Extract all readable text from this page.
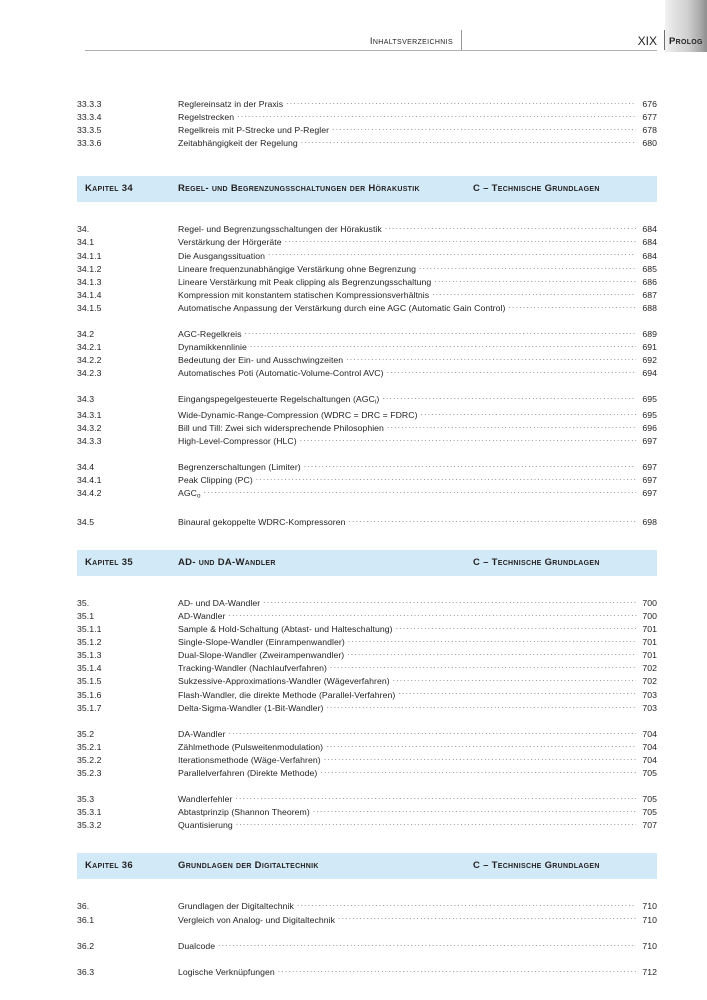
Inhaltsverzeichnis	XIX Prolog
33.3.3	Reglereinsatz in der Praxis .....	676
33.3.4	Regelstrecken .....	677
33.3.5	Regelkreis mit P-Strecke und P-Regler .....	678
33.3.6	Zeitabhängigkeit der Regelung .....	680
Kapitel 34	Regel- und Begrenzungsschaltungen der Hörakustik	C – Technische Grundlagen
34.	Regel- und Begrenzungsschaltungen der Hörakustik .....	684
34.1	Verstärkung der Hörgeräte .....	684
34.1.1	Die Ausgangssituation .....	684
34.1.2	Lineare frequenzunabhängige Verstärkung ohne Begrenzung .....	685
34.1.3	Lineare Verstärkung mit Peak clipping als Begrenzungsschaltung .....	686
34.1.4	Kompression mit konstantem statischen Kompressionsverhältnis .....	687
34.1.5	Automatische Anpassung der Verstärkung durch eine AGC (Automatic Gain Control) .....	688
34.2	AGC-Regelkreis .....	689
34.2.1	Dynamikkennlinie .....	691
34.2.2	Bedeutung der Ein- und Ausschwingzeiten .....	692
34.2.3	Automatisches Poti (Automatic-Volume-Control AVC) .....	694
34.3	Eingangspegelgesteuerte Regelschaltungen $(AGC_i)$ .....	695
34.3.1	Wide-Dynamic-Range-Compression (WDRC = DRC = FDRC) .....	695
34.3.2	Bill und Till: Zwei sich widersprechende Philosophien .....	696
34.3.3	High-Level-Compressor (HLC) .....	697
34.4	Begrenzerschaltungen (Limiter) .....	697
34.4.1	Peak Clipping (PC) .....	697
34.4.2	$AGC_o$ .....	697
34.5	Binaural gekoppelte WDRC-Kompressoren .....	698
Kapitel 35	AD- und DA-Wandler	C – Technische Grundlagen
35.	AD- und DA-Wandler .....	700
35.1	AD-Wandler .....	700
35.1.1	Sample & Hold-Schaltung (Abtast- und Halteschaltung) .....	701
35.1.2	Single-Slope-Wandler (Einrampenwandler) .....	701
35.1.3	Dual-Slope-Wandler (Zweirampenwandler) .....	701
35.1.4	Tracking-Wandler (Nachlaufverfahren) .....	702
35.1.5	Sukzessive-Approximations-Wandler (Wägeverfahren) .....	702
35.1.6	Flash-Wandler, die direkte Methode (Parallel-Verfahren) .....	703
35.1.7	Delta-Sigma-Wandler (1-Bit-Wandler) .....	703
35.2	DA-Wandler .....	704
35.2.1	Zählmethode (Pulsweitenmodulation) .....	704
35.2.2	Iterationsmethode (Wäge-Verfahren) .....	704
35.2.3	Parallelverfahren (Direkte Methode) .....	705
35.3	Wandlerfehler .....	705
35.3.1	Abtastprinzip (Shannon Theorem) .....	705
35.3.2	Quantisierung .....	707
Kapitel 36	Grundlagen der Digitaltechnik	C – Technische Grundlagen
36.	Grundlagen der Digitaltechnik .....	710
36.1	Vergleich von Analog- und Digitaltechnik .....	710
36.2	Dualcode .....	710
36.3	Logische Verknüpfungen .....	712
